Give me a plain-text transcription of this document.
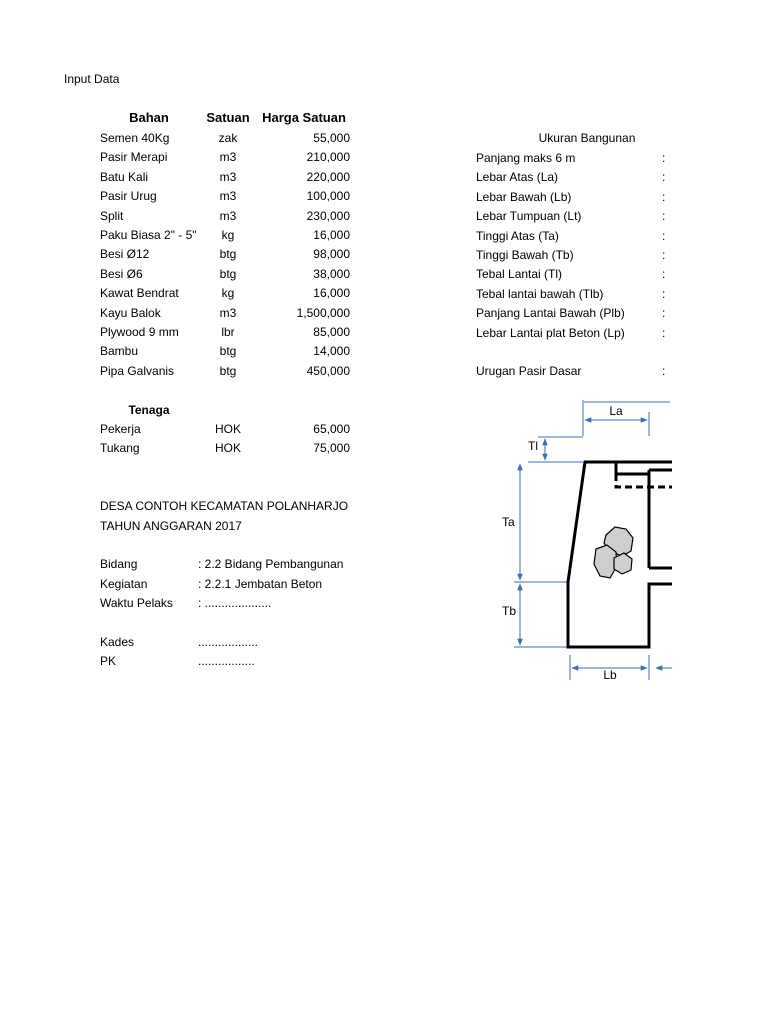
Input Data
Bahan	Satuan Harga Satuan
Semen 40Kg	zak	55,000
Pasir Merapi	m3	210,000
Batu Kali	m3	220,000
Pasir Urug	m3	100,000
Split	m3	230,000
Paku Biasa 2" - 5"	kg	16,000
Besi Ø12	btg	98,000
Besi Ø6	btg	38,000
Kawat Bendrat	kg	16,000
Kayu Balok	m3	1,500,000
Plywood 9 mm	lbr	85,000
Bambu	btg	14,000
Pipa Galvanis	btg	450,000
Tenaga
Pekerja	HOK	65,000
Tukang	HOK	75,000
DESA CONTOH KECAMATAN POLANHARJO
TAHUN ANGGARAN 2017
Bidang	: 2.2 Bidang Pembangunan
Kegiatan	: 2.2.1 Jembatan Beton
Waktu Pelaks : ....................
Kades	..................
PK	.................
Ukuran Bangunan
Panjang maks 6 m	:
Lebar Atas (La)	:
Lebar Bawah (Lb)	:
Lebar Tumpuan (Lt)	:
Tinggi Atas (Ta)	:
Tinggi Bawah (Tb)	:
Tebal Lantai (Tl)	:
Tebal lantai bawah (Tlb)	:
Panjang Lantai Bawah (Plb)	:
Lebar Lantai plat Beton (Lp)	:
Urugan Pasir Dasar	:
La
Tl
Ta
Tb
Lb
